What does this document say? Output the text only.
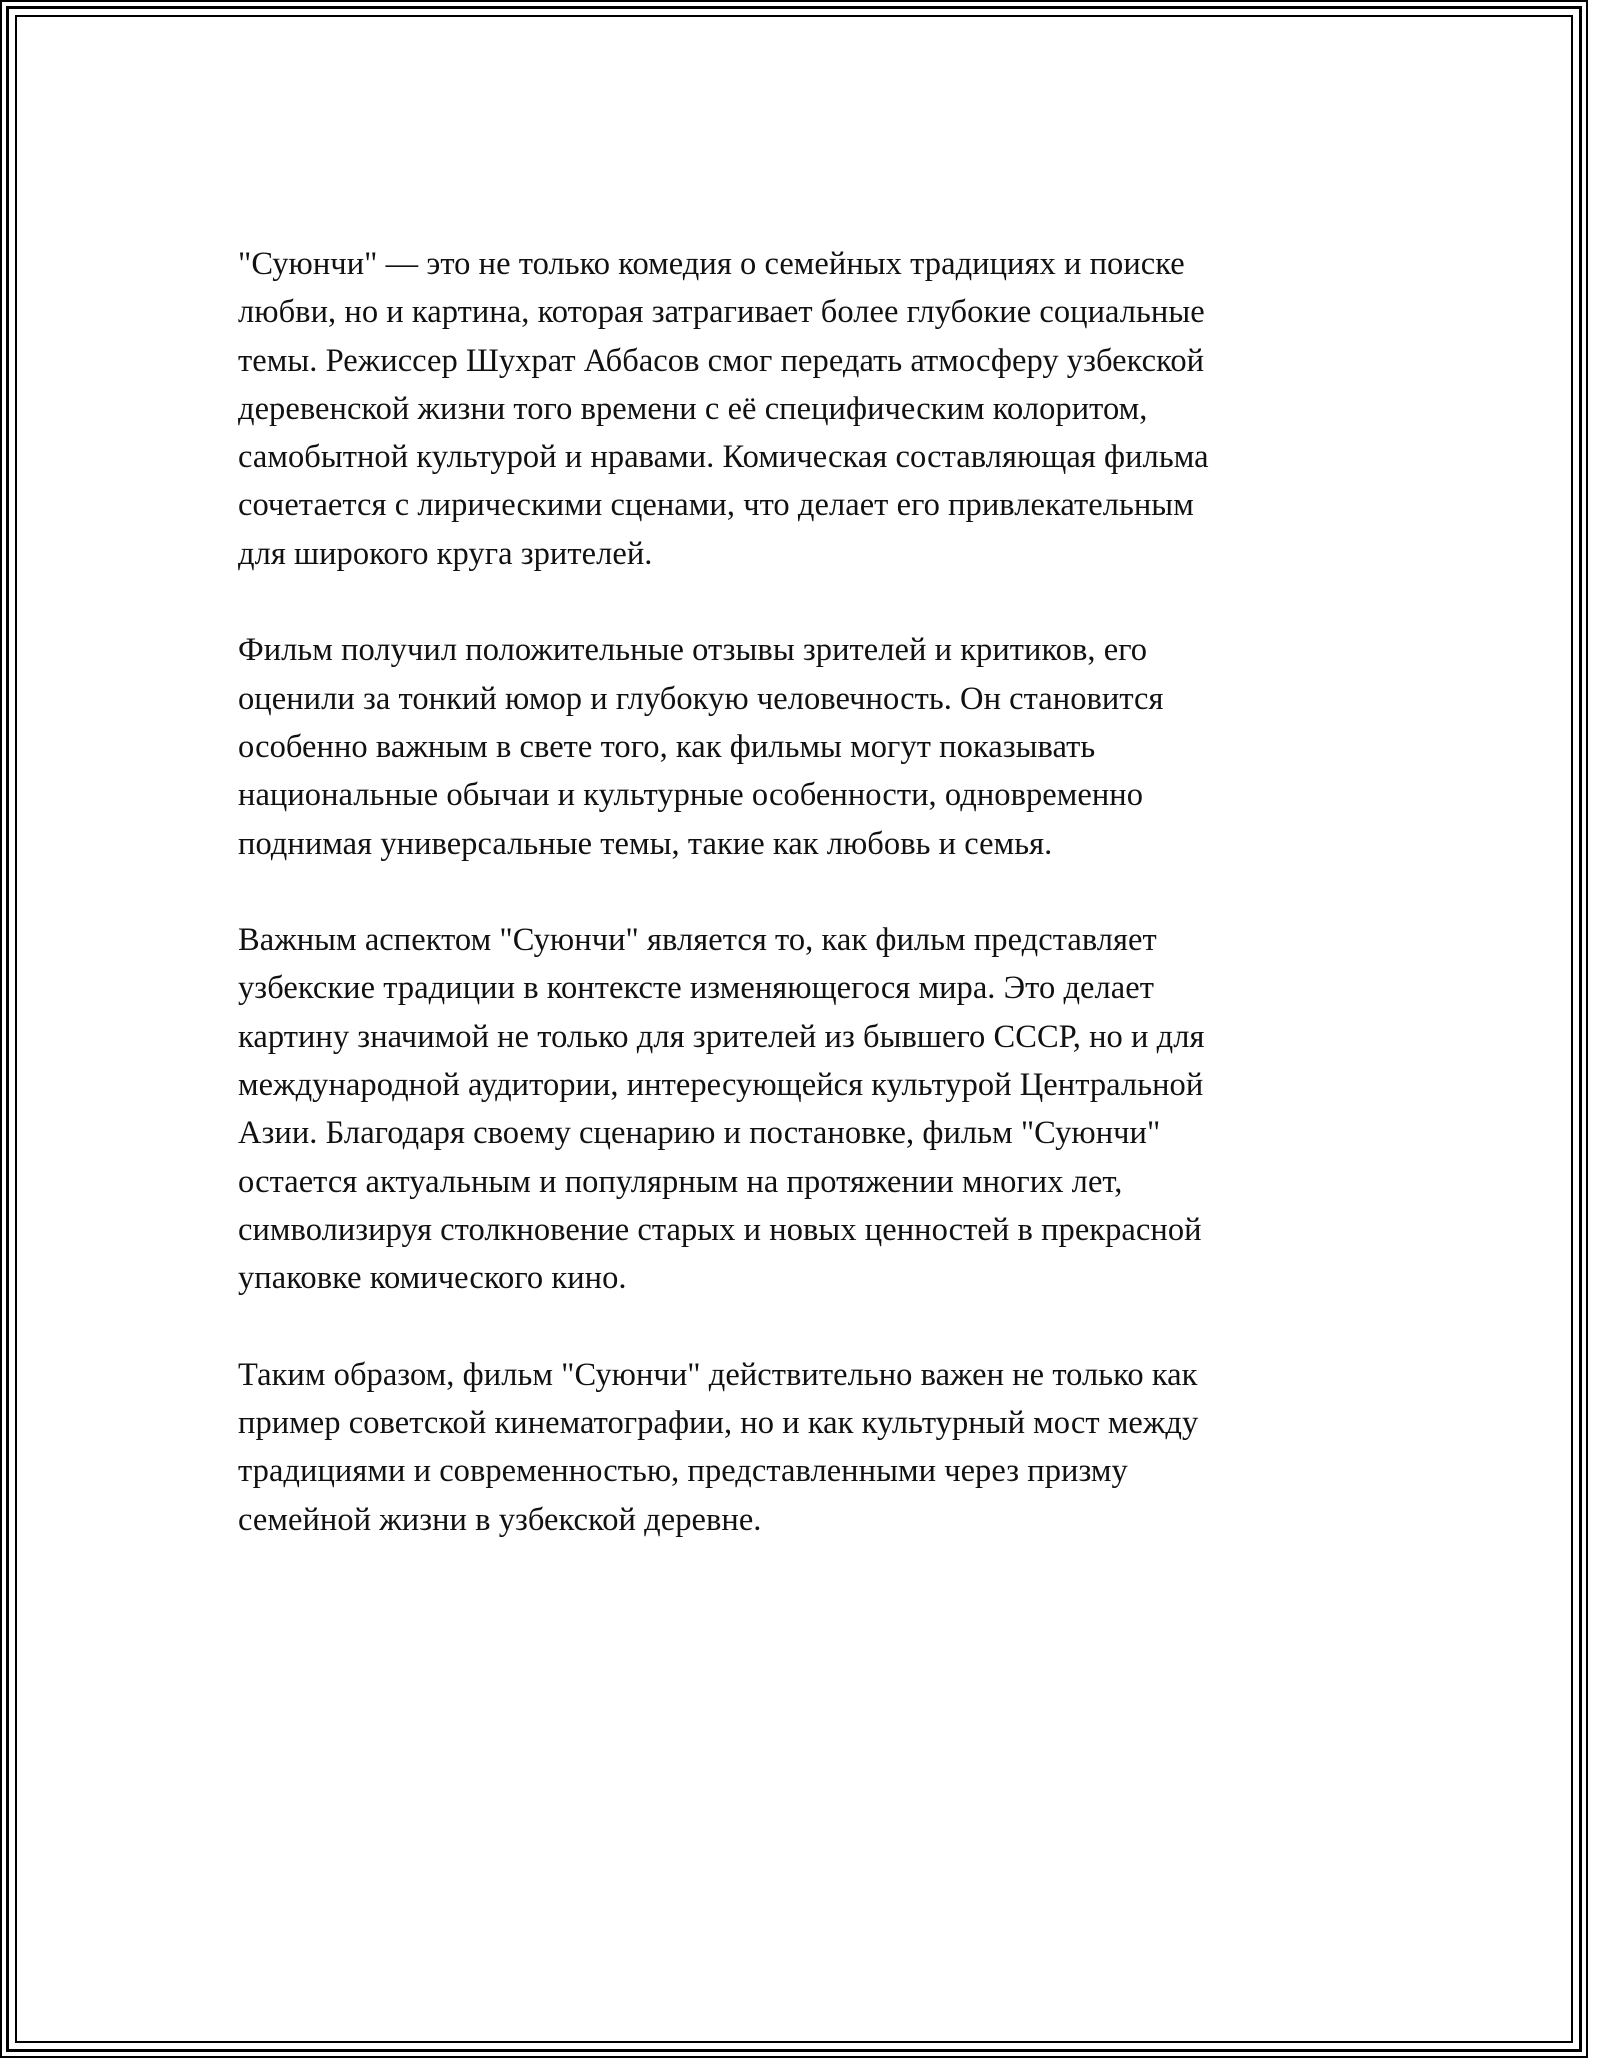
"Суюнчи" — это не только комедия о семейных традициях и поиске
любви, но и картина, которая затрагивает более глубокие социальные
темы. Режиссер Шухрат Аббасов смог передать атмосферу узбекской
деревенской жизни того времени с её специфическим колоритом,
самобытной культурой и нравами. Комическая составляющая фильма
сочетается с лирическими сценами, что делает его привлекательным
для широкого круга зрителей.

Фильм получил положительные отзывы зрителей и критиков, его
оценили за тонкий юмор и глубокую человечность. Он становится
особенно важным в свете того, как фильмы могут показывать
национальные обычаи и культурные особенности, одновременно
поднимая универсальные темы, такие как любовь и семья.

Важным аспектом "Суюнчи" является то, как фильм представляет
узбекские традиции в контексте изменяющегося мира. Это делает
картину значимой не только для зрителей из бывшего СССР, но и для
международной аудитории, интересующейся культурой Центральной
Азии. Благодаря своему сценарию и постановке, фильм "Суюнчи"
остается актуальным и популярным на протяжении многих лет,
символизируя столкновение старых и новых ценностей в прекрасной
упаковке комического кино.

Таким образом, фильм "Суюнчи" действительно важен не только как
пример советской кинематографии, но и как культурный мост между
традициями и современностью, представленными через призму
семейной жизни в узбекской деревне.
